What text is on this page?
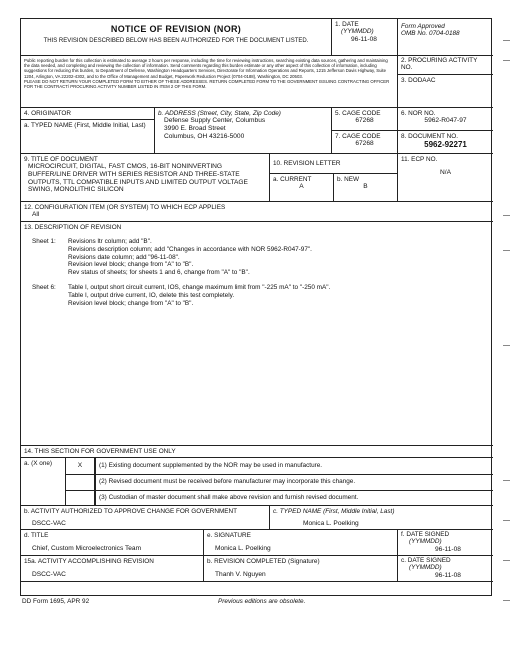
NOTICE OF REVISION (NOR)
THIS REVISION DESCRIBED BELOW HAS BEEN AUTHORIZED FOR THE DOCUMENT LISTED.
1. DATE
(YYMMDD)
96-11-08
Form Approved
OMB No. 0704-0188
Public reporting burden for this collection is estimated to average 2 hours per response, including the time for reviewing instructions, searching existing data sources, gathering and maintaining the data needed, and completing and reviewing the collection of information. Send comments regarding this burden estimate or any other aspect of this collection of information, including suggestions for reducing this burden, to Department of Defense, Washington Headquarters Services, Directorate for Information Operations and Reports, 1215 Jefferson Davis Highway, Suite 1204, Arlington, VA 22202-4302, and to the Office of Management and Budget, Paperwork Reduction Project (0704-0188), Washington, DC 20503.
PLEASE DO NOT RETURN YOUR COMPLETED FORM TO EITHER OF THESE ADDRESSES. RETURN COMPLETED FORM TO THE GOVERNMENT ISSUING CONTRACTING OFFICER FOR THE CONTRACT/ PROCURING ACTIVITY NUMBER LISTED IN ITEM 2 OF THIS FORM.
2. PROCURING ACTIVITY NO.
3. DODAAC
4. ORIGINATOR
a. TYPED NAME (First, Middle Initial, Last)
b. ADDRESS (Street, City, State, Zip Code)
Defense Supply Center, Columbus
3990 E. Broad Street
Columbus, OH 43216-5000
5. CAGE CODE
67268
6. NOR NO.
5962-R047-97
7. CAGE CODE
67268
8. DOCUMENT NO.
5962-92271
9. TITLE OF DOCUMENT
MICROCIRCUIT, DIGITAL, FAST CMOS, 16-BIT NONINVERTING
BUFFER/LINE DRIVER WITH SERIES RESISTOR AND THREE-STATE
OUTPUTS, TTL COMPATIBLE INPUTS AND LIMITED OUTPUT VOLTAGE
SWING, MONOLITHIC SILICON
10. REVISION LETTER
a. CURRENT
A
b. NEW
B
11. ECP NO.
N/A
12. CONFIGURATION ITEM (OR SYSTEM) TO WHICH ECP APPLIES
All
13. DESCRIPTION OF REVISION
Sheet 1: Revisions ltr column; add "B".
Revisions description column; add "Changes in accordance with NOR 5962-R047-97".
Revisions date column; add "96-11-08".
Revision level block; change from "A" to "B".
Rev status of sheets; for sheets 1 and 6, change from "A" to "B".
Sheet 6: Table I, output short circuit current, IOS, change maximum limit from "-225 mA" to "-250 mA".
Table I, output drive current, IO, delete this test completely.
Revision level block; change from "A" to "B".
14. THIS SECTION FOR GOVERNMENT USE ONLY
a. (X one)	(1) Existing document supplemented by the NOR may be used in manufacture.
X
(2) Revised document must be received before manufacturer may incorporate this change.
(3) Custodian of master document shall make above revision and furnish revised document.
b. ACTIVITY AUTHORIZED TO APPROVE CHANGE FOR GOVERNMENT
DSCC-VAC
c. TYPED NAME (First, Middle Initial, Last)
Monica L. Poelking
d. TITLE
Chief, Custom Microelectronics Team
e. SIGNATURE
Monica L. Poelking
f. DATE SIGNED
(YYMMDD)
96-11-08
15a. ACTIVITY ACCOMPLISHING REVISION
DSCC-VAC
b. REVISION COMPLETED (Signature)
Thanh V. Nguyen
c. DATE SIGNED
(YYMMDD)
96-11-08
DD Form 1695, APR 92	Previous editions are obsolete.
